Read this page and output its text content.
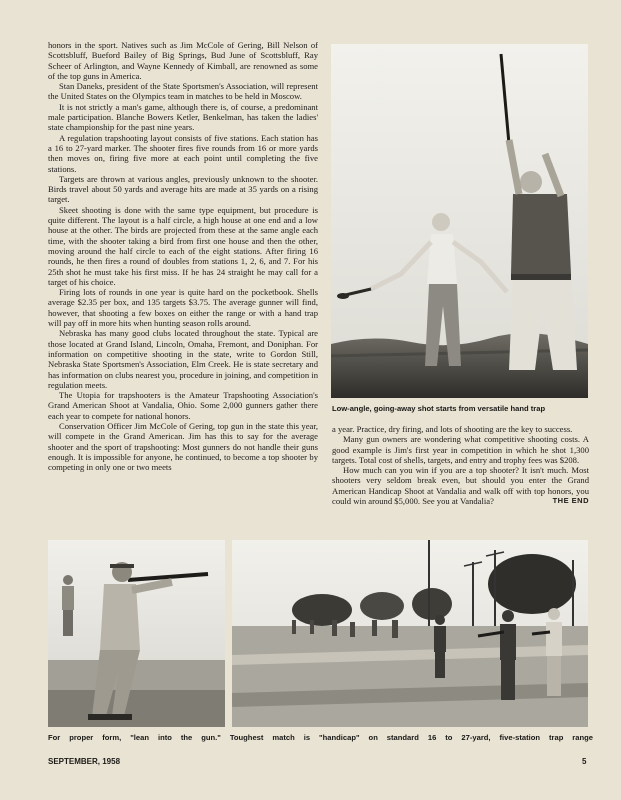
honors in the sport. Natives such as Jim McCole of Gering, Bill Nelson of Scottsbluff, Bueford Bailey of Big Springs, Bud June of Scottsbluff, Ray Scheer of Arlington, and Wayne Kennedy of Kimball, are renowned as some of the top guns in America.

Stan Daneks, president of the State Sportsmen's Association, will represent the United States on the Olympics team in matches to be held in Moscow.

It is not strictly a man's game, although there is, of course, a predominant male participation. Blanche Bowers Ketler, Benkelman, has taken the ladies' state championship for the past nine years.

A regulation trapshooting layout consists of five stations. Each station has a 16 to 27-yard marker. The shooter fires five rounds from 16 or more yards then moves on, firing five more at each point until completing the five stations.

Targets are thrown at various angles, previously unknown to the shooter. Birds travel about 50 yards and average hits are made at 35 yards on a rising target.

Skeet shooting is done with the same type equipment, but procedure is quite different. The layout is a half circle, a high house at one end and a low house at the other. The birds are projected from these at the same angle each time, with the shooter taking a bird from first one house and then the other, moving around the half circle to each of the eight stations. After firing 16 rounds, he then fires a round of doubles from stations 1, 2, 6, and 7. For his 25th shot he must take his first miss. If he has 24 straight he may call for a target of his choice.

Firing lots of rounds in one year is quite hard on the pocketbook. Shells average $2.35 per box, and 135 targets $3.75. The average gunner will find, however, that shooting a few boxes on either the range or with a hand trap will pay off in more hits when hunting season rolls around.

Nebraska has many good clubs located throughout the state. Typical are those located at Grand Island, Lincoln, Omaha, Fremont, and Doniphan. For information on competitive shooting in the state, write to Gordon Still, Nebraska State Sportsmen's Association, Elm Creek. He is state secretary and has information on clubs nearest you, procedure in joining, and competition in regulation meets.

The Utopia for trapshooters is the Amateur Trapshooting Association's Grand American Shoot at Vandalia, Ohio. Some 2,000 gunners gather there each year to compete for national honors.

Conservation Officer Jim McCole of Gering, top gun in the state this year, will compete in the Grand American. Jim has this to say for the average shooter and the sport of trapshooting: Most gunners do not handle their guns enough. It is impossible for anyone, he continued, to become a top shooter by competing in only one or two meets

Low-angle, going-away shot starts from versatile hand trap

a year. Practice, dry firing, and lots of shooting are the key to success.

Many gun owners are wondering what competitive shooting costs. A good example is Jim's first year in competition in which he shot 1,300 targets. Total cost of shells, targets, and entry and trophy fees was $208.

How much can you win if you are a top shooter? It isn't much. Most shooters very seldom break even, but should you enter the Grand American Handicap Shoot at Vandalia and walk off with top honors, you could win around $5,000. See you at Vandalia?	THE END
For proper form, "lean into the gun." Toughest match is "handicap" on standard 16 to 27-yard, five-station trap range
SEPTEMBER, 1958	5
